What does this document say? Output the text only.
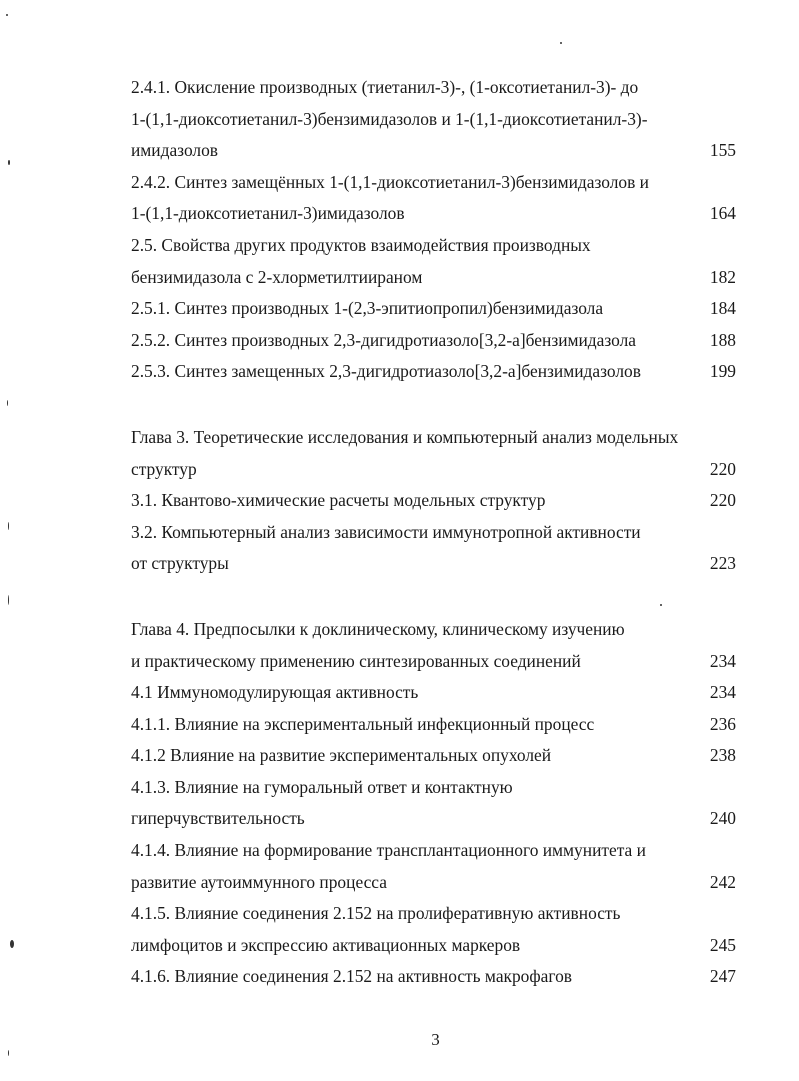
2.4.1. Окисление производных (тиетанил-3)-, (1-оксотиетанил-3)- до
1-(1,1-диоксотиетанил-3)бензимидазолов и 1-(1,1-диоксотиетанил-3)-
имидазолов	155
2.4.2. Синтез замещённых 1-(1,1-диоксотиетанил-3)бензимидазолов и
1-(1,1-диоксотиетанил-3)имидазолов	164
2.5. Свойства других продуктов взаимодействия производных
бензимидазола с 2-хлорметилтиираном	182
2.5.1. Синтез производных 1-(2,3-эпитиопропил)бензимидазола	184
2.5.2. Синтез производных 2,3-дигидротиазоло[3,2-а]бензимидазола	188
2.5.3. Синтез замещенных 2,3-дигидротиазоло[3,2-а]бензимидазолов	199
Глава 3. Теоретические исследования и компьютерный анализ модельных
структур	220
3.1. Квантово-химические расчеты модельных структур	220
3.2. Компьютерный анализ зависимости иммунотропной активности
от структуры	223
Глава 4. Предпосылки к доклиническому, клиническому изучению
и практическому применению синтезированных соединений	234
4.1 Иммуномодулирующая активность	234
4.1.1. Влияние на экспериментальный инфекционный процесс	236
4.1.2 Влияние на развитие экспериментальных опухолей	238
4.1.3. Влияние на гуморальный ответ и контактную
гиперчувствительность	240
4.1.4. Влияние на формирование трансплантационного иммунитета и
развитие аутоиммунного процесса	242
4.1.5. Влияние соединения 2.152 на пролиферативную активность
лимфоцитов и экспрессию активационных маркеров	245
4.1.6. Влияние соединения 2.152 на активность макрофагов	247
3
